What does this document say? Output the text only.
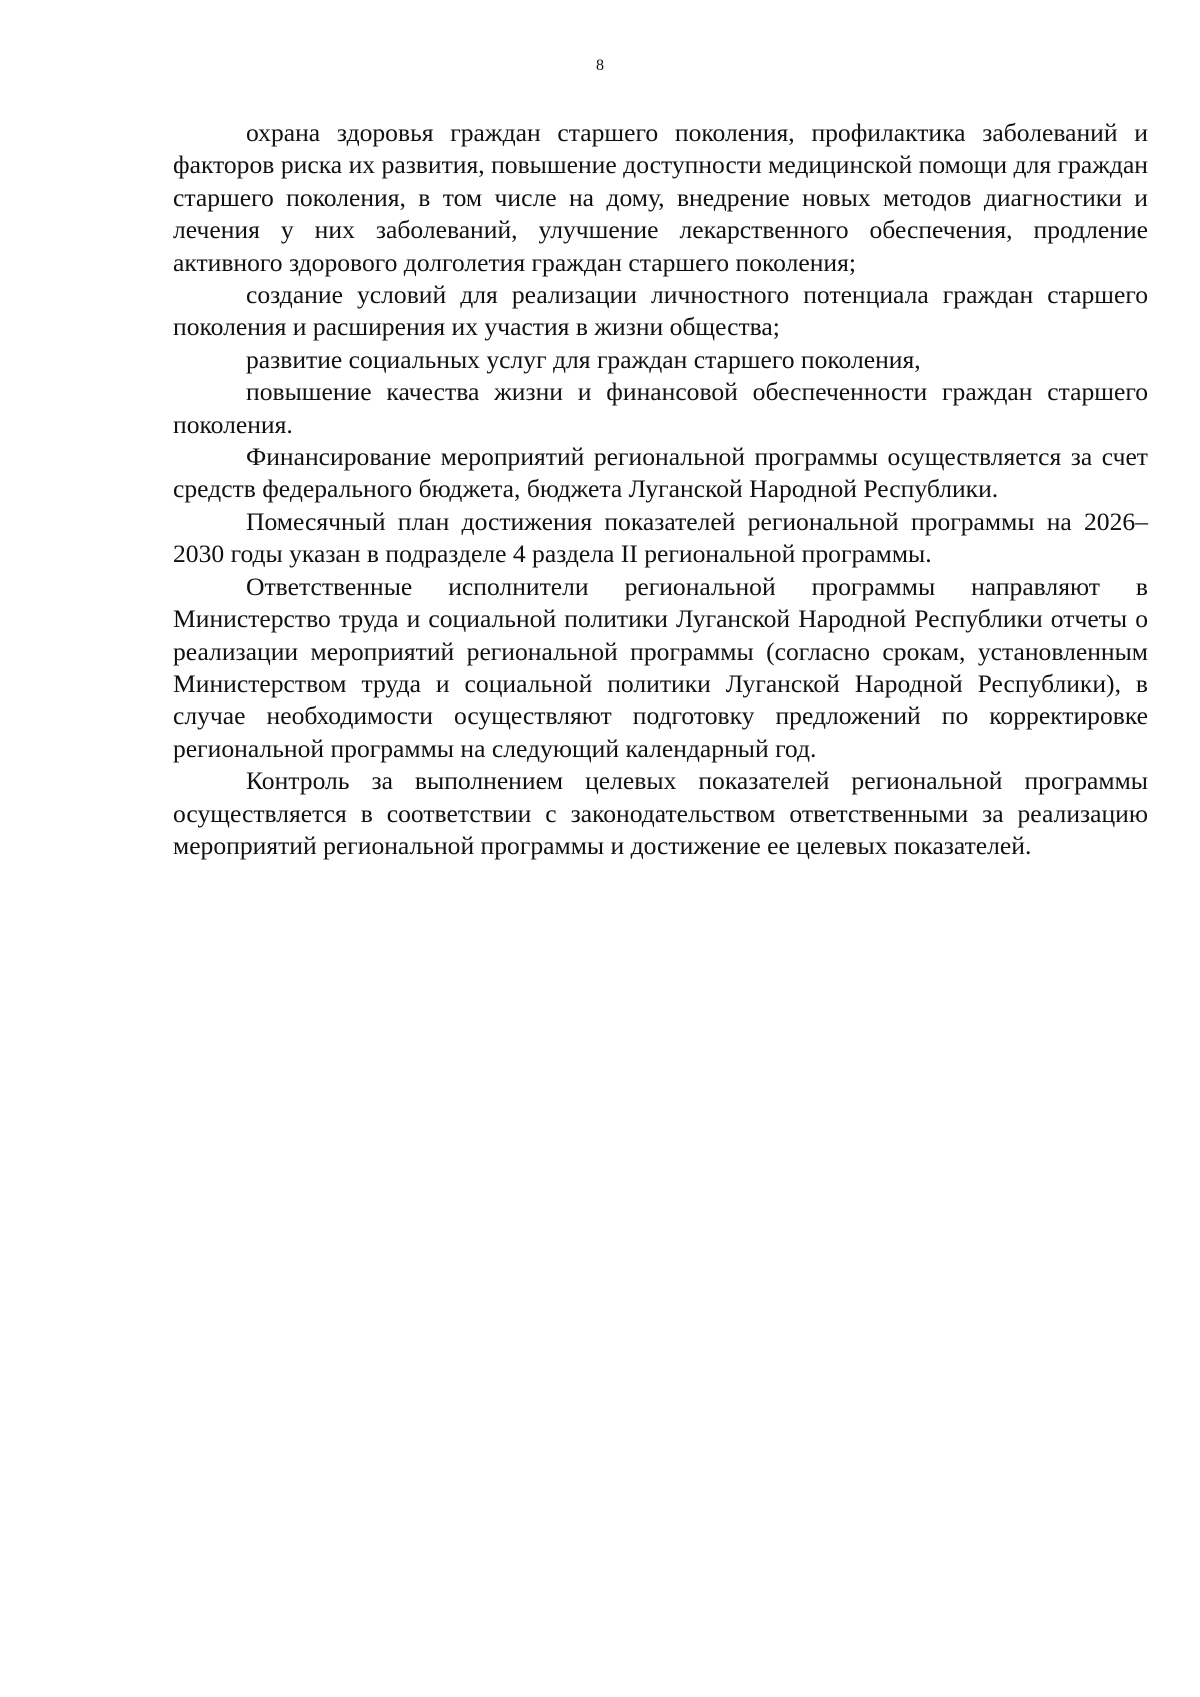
8

охрана здоровья граждан старшего поколения, профилактика заболеваний и факторов риска их развития, повышение доступности медицинской помощи для граждан старшего поколения, в том числе на дому, внедрение новых методов диагностики и лечения у них заболеваний, улучшение лекарственного обеспечения, продление активного здорового долголетия граждан старшего поколения;

создание условий для реализации личностного потенциала граждан старшего поколения и расширения их участия в жизни общества;

развитие социальных услуг для граждан старшего поколения,

повышение качества жизни и финансовой обеспеченности граждан старшего поколения.

Финансирование мероприятий региональной программы осуществляется за счет средств федерального бюджета, бюджета Луганской Народной Республики.

Помесячный план достижения показателей региональной программы на 2026–2030 годы указан в подразделе 4 раздела II региональной программы.

Ответственные исполнители региональной программы направляют в Министерство труда и социальной политики Луганской Народной Республики отчеты о реализации мероприятий региональной программы (согласно срокам, установленным Министерством труда и социальной политики Луганской Народной Республики), в случае необходимости осуществляют подготовку предложений по корректировке региональной программы на следующий календарный год.

Контроль за выполнением целевых показателей региональной программы осуществляется в соответствии с законодательством ответственными за реализацию мероприятий региональной программы и достижение ее целевых показателей.
